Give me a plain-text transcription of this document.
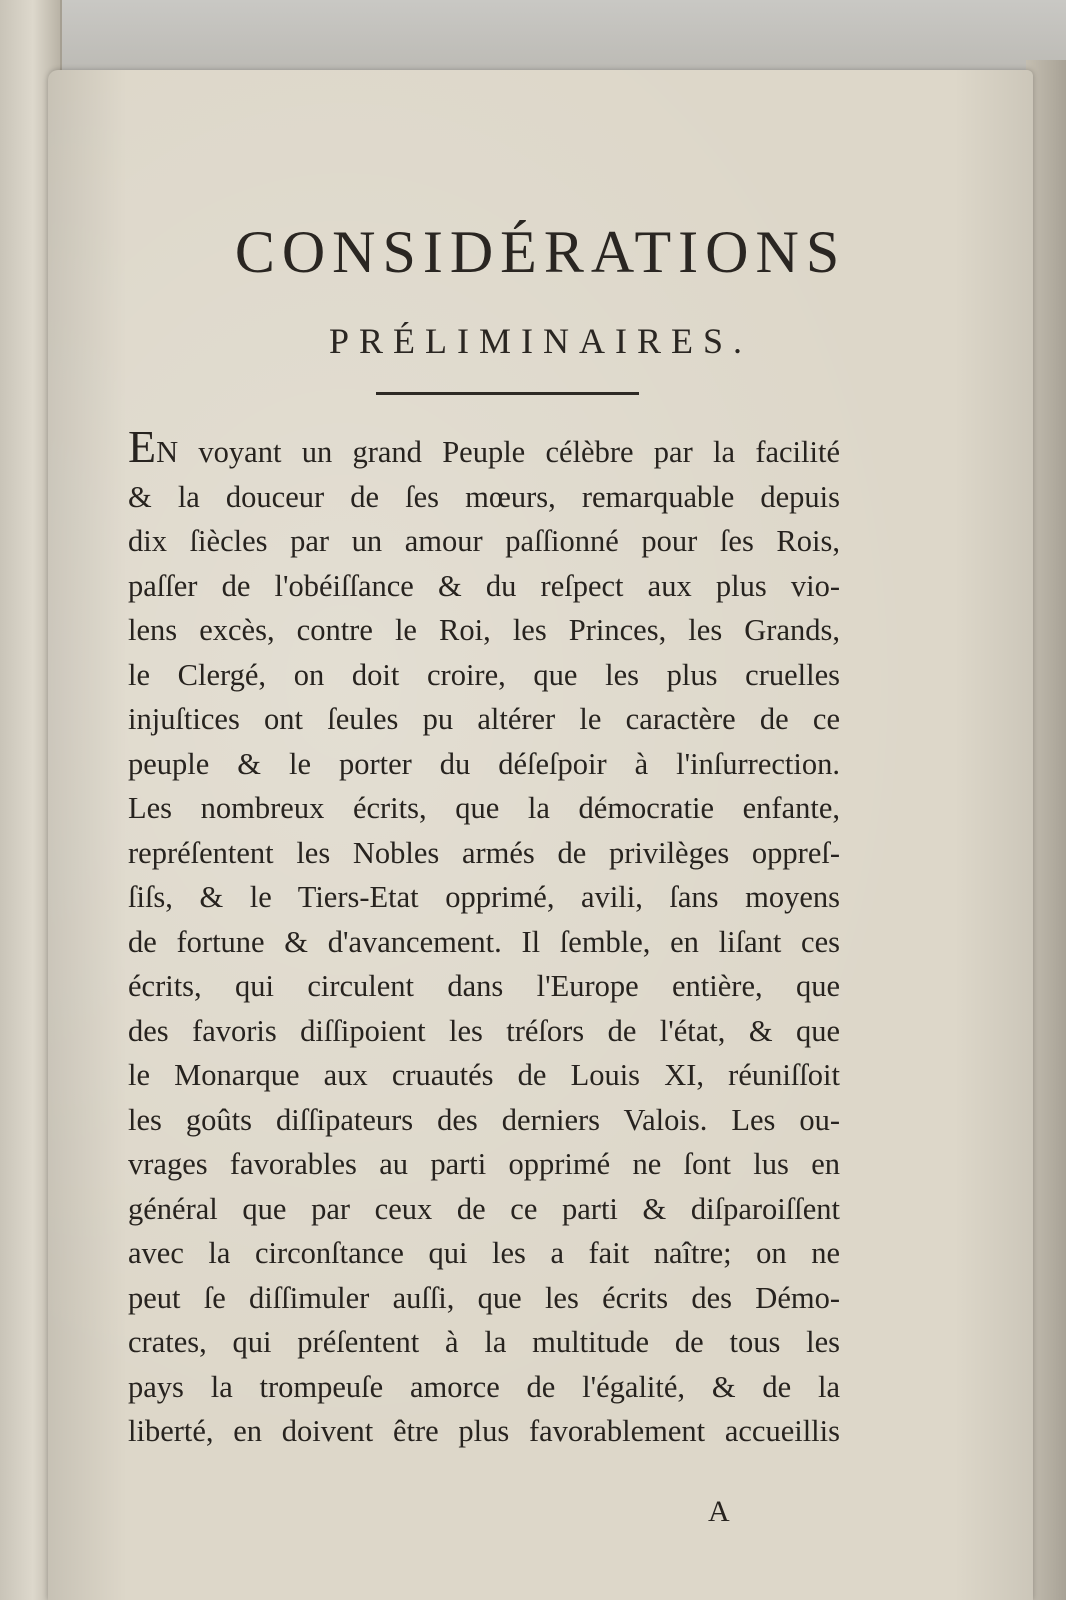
CONSIDÉRATIONS
PRÉLIMINAIRES.
EN voyant un grand Peuple célèbre par la facilité
& la douceur de ſes mœurs, remarquable depuis
dix ſiècles par un amour paſſionné pour ſes Rois,
paſſer de l'obéiſſance & du reſpect aux plus vio-
lens excès, contre le Roi, les Princes, les Grands,
le Clergé, on doit croire, que les plus cruelles
injuſtices ont ſeules pu altérer le caractère de ce
peuple & le porter du déſeſpoir à l'inſurrection.
Les nombreux écrits, que la démocratie enfante,
repréſentent les Nobles armés de privilèges oppreſ-
ſiſs, & le Tiers-Etat opprimé, avili, ſans moyens
de fortune & d'avancement. Il ſemble, en liſant ces
écrits, qui circulent dans l'Europe entière, que
des favoris diſſipoient les tréſors de l'état, & que
le Monarque aux cruautés de Louis XI, réuniſſoit
les goûts diſſipateurs des derniers Valois. Les ou-
vrages favorables au parti opprimé ne ſont lus en
général que par ceux de ce parti & diſparoiſſent
avec la circonſtance qui les a fait naître; on ne
peut ſe diſſimuler auſſi, que les écrits des Démo-
crates, qui préſentent à la multitude de tous les
pays la trompeuſe amorce de l'égalité, & de la
liberté, en doivent être plus favorablement accueillis
A
